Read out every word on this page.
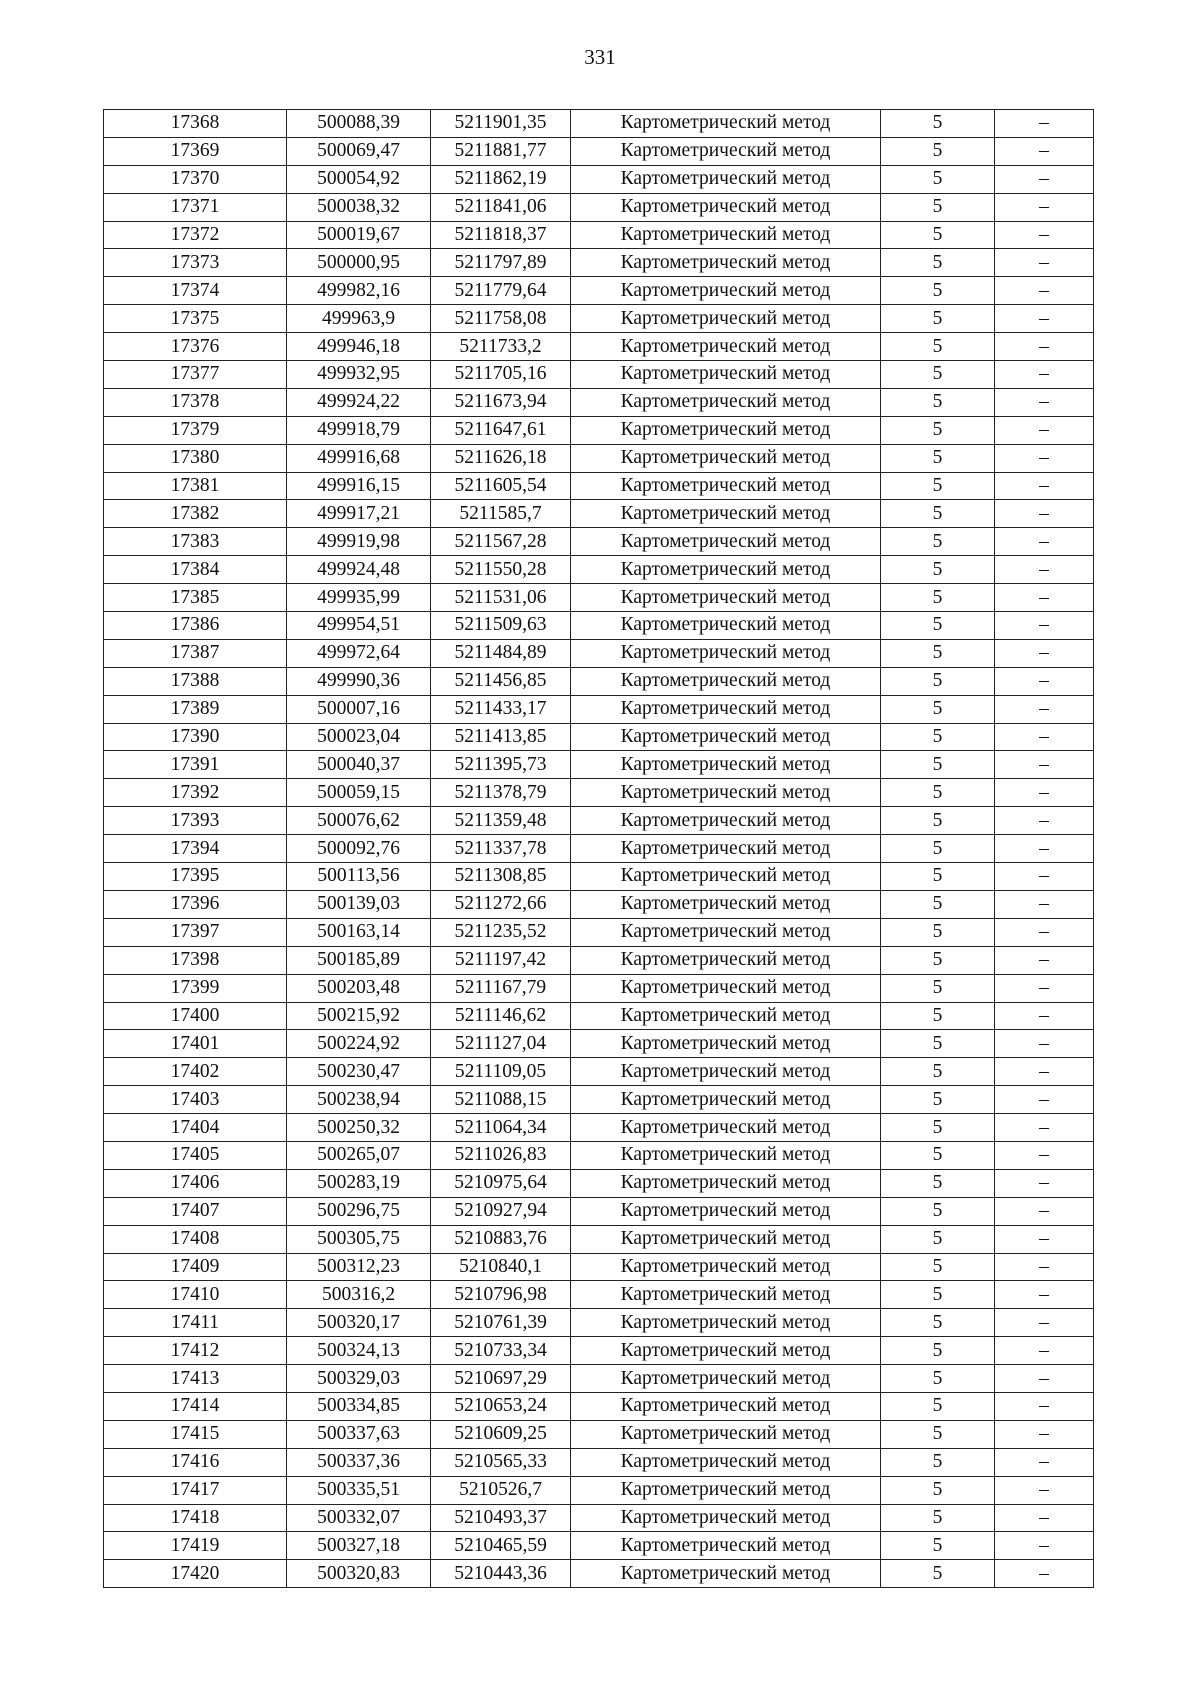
331
17368	500088,39	5211901,35	Картометрический метод	5	–
17369	500069,47	5211881,77	Картометрический метод	5	–
17370	500054,92	5211862,19	Картометрический метод	5	–
17371	500038,32	5211841,06	Картометрический метод	5	–
17372	500019,67	5211818,37	Картометрический метод	5	–
17373	500000,95	5211797,89	Картометрический метод	5	–
17374	499982,16	5211779,64	Картометрический метод	5	–
17375	499963,9	5211758,08	Картометрический метод	5	–
17376	499946,18	5211733,2	Картометрический метод	5	–
17377	499932,95	5211705,16	Картометрический метод	5	–
17378	499924,22	5211673,94	Картометрический метод	5	–
17379	499918,79	5211647,61	Картометрический метод	5	–
17380	499916,68	5211626,18	Картометрический метод	5	–
17381	499916,15	5211605,54	Картометрический метод	5	–
17382	499917,21	5211585,7	Картометрический метод	5	–
17383	499919,98	5211567,28	Картометрический метод	5	–
17384	499924,48	5211550,28	Картометрический метод	5	–
17385	499935,99	5211531,06	Картометрический метод	5	–
17386	499954,51	5211509,63	Картометрический метод	5	–
17387	499972,64	5211484,89	Картометрический метод	5	–
17388	499990,36	5211456,85	Картометрический метод	5	–
17389	500007,16	5211433,17	Картометрический метод	5	–
17390	500023,04	5211413,85	Картометрический метод	5	–
17391	500040,37	5211395,73	Картометрический метод	5	–
17392	500059,15	5211378,79	Картометрический метод	5	–
17393	500076,62	5211359,48	Картометрический метод	5	–
17394	500092,76	5211337,78	Картометрический метод	5	–
17395	500113,56	5211308,85	Картометрический метод	5	–
17396	500139,03	5211272,66	Картометрический метод	5	–
17397	500163,14	5211235,52	Картометрический метод	5	–
17398	500185,89	5211197,42	Картометрический метод	5	–
17399	500203,48	5211167,79	Картометрический метод	5	–
17400	500215,92	5211146,62	Картометрический метод	5	–
17401	500224,92	5211127,04	Картометрический метод	5	–
17402	500230,47	5211109,05	Картометрический метод	5	–
17403	500238,94	5211088,15	Картометрический метод	5	–
17404	500250,32	5211064,34	Картометрический метод	5	–
17405	500265,07	5211026,83	Картометрический метод	5	–
17406	500283,19	5210975,64	Картометрический метод	5	–
17407	500296,75	5210927,94	Картометрический метод	5	–
17408	500305,75	5210883,76	Картометрический метод	5	–
17409	500312,23	5210840,1	Картометрический метод	5	–
17410	500316,2	5210796,98	Картометрический метод	5	–
17411	500320,17	5210761,39	Картометрический метод	5	–
17412	500324,13	5210733,34	Картометрический метод	5	–
17413	500329,03	5210697,29	Картометрический метод	5	–
17414	500334,85	5210653,24	Картометрический метод	5	–
17415	500337,63	5210609,25	Картометрический метод	5	–
17416	500337,36	5210565,33	Картометрический метод	5	–
17417	500335,51	5210526,7	Картометрический метод	5	–
17418	500332,07	5210493,37	Картометрический метод	5	–
17419	500327,18	5210465,59	Картометрический метод	5	–
17420	500320,83	5210443,36	Картометрический метод	5	–
